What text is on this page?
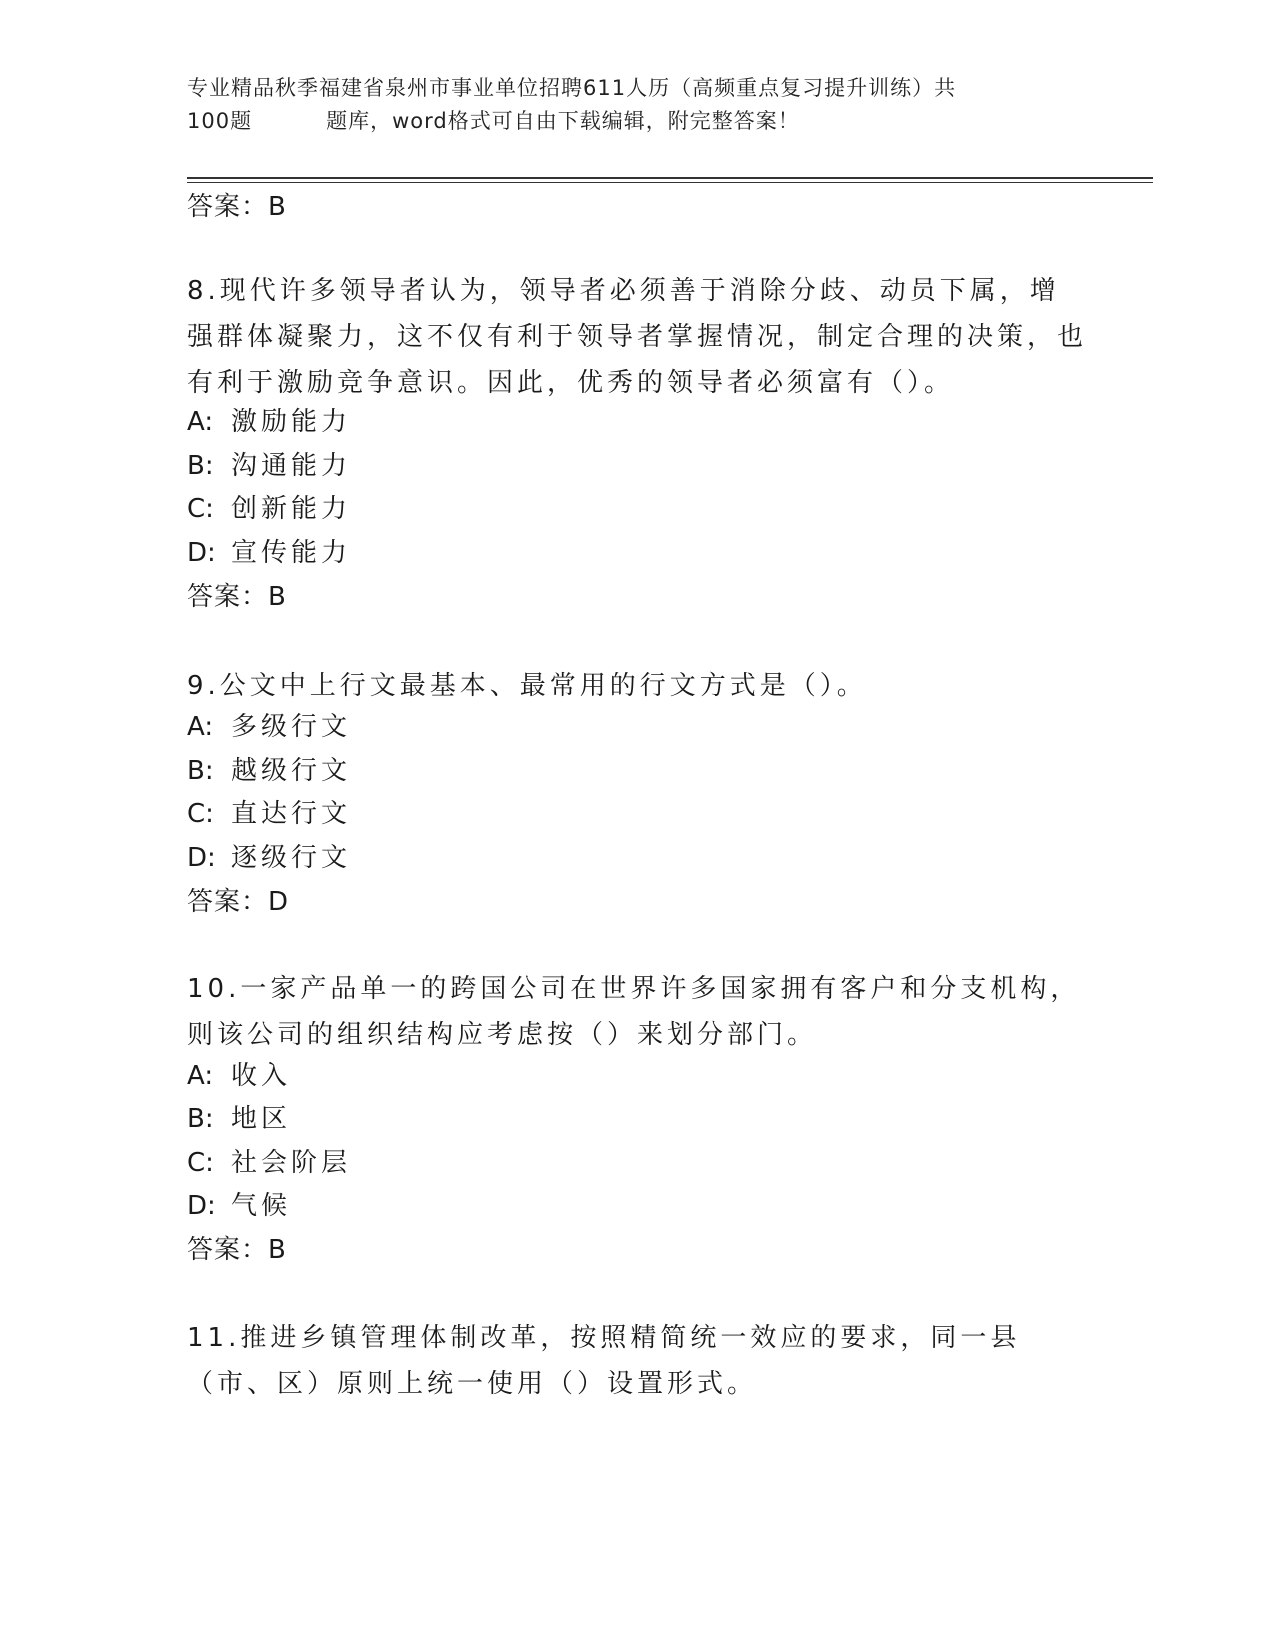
专业精品秋季福建省泉州市事业单位招聘611人历（高频重点复习提升训练）共
100题	题库，word格式可自由下载编辑，附完整答案！
答案：B
8.现代许多领导者认为，领导者必须善于消除分歧、动员下属，增强群体凝聚力，这不仅有利于领导者掌握情况，制定合理的决策，也有利于激励竞争意识。因此，优秀的领导者必须富有（）。
A: 激励能力
B: 沟通能力
C: 创新能力
D: 宣传能力
答案：B
9.公文中上行文最基本、最常用的行文方式是（）。
A: 多级行文
B: 越级行文
C: 直达行文
D: 逐级行文
答案：D
10.一家产品单一的跨国公司在世界许多国家拥有客户和分支机构，则该公司的组织结构应考虑按（）来划分部门。
A: 收入
B: 地区
C: 社会阶层
D: 气候
答案：B
11.推进乡镇管理体制改革，按照精简统一效应的要求，同一县（市、区）原则上统一使用（）设置形式。
